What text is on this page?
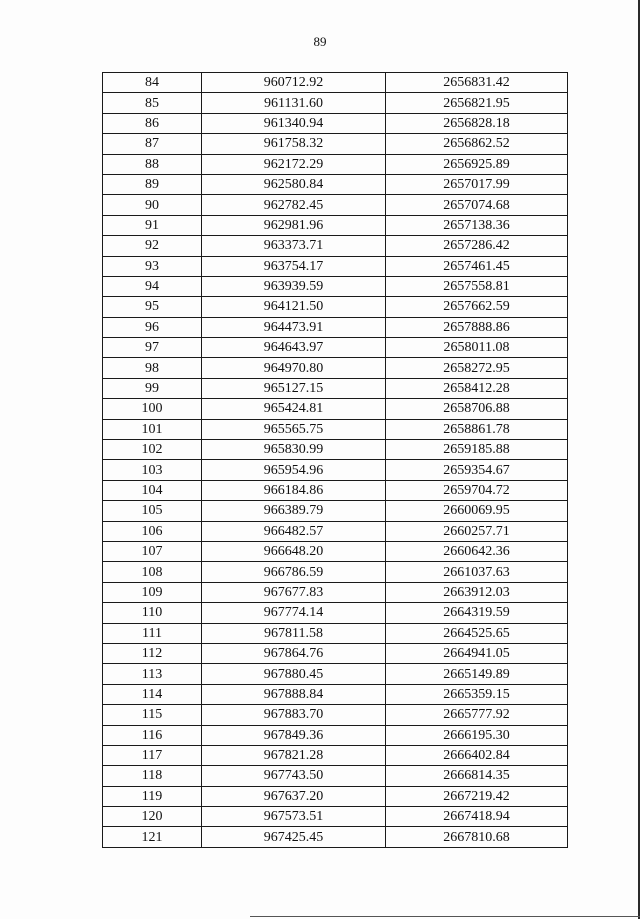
89
84	960712.92	2656831.42
85	961131.60	2656821.95
86	961340.94	2656828.18
87	961758.32	2656862.52
88	962172.29	2656925.89
89	962580.84	2657017.99
90	962782.45	2657074.68
91	962981.96	2657138.36
92	963373.71	2657286.42
93	963754.17	2657461.45
94	963939.59	2657558.81
95	964121.50	2657662.59
96	964473.91	2657888.86
97	964643.97	2658011.08
98	964970.80	2658272.95
99	965127.15	2658412.28
100	965424.81	2658706.88
101	965565.75	2658861.78
102	965830.99	2659185.88
103	965954.96	2659354.67
104	966184.86	2659704.72
105	966389.79	2660069.95
106	966482.57	2660257.71
107	966648.20	2660642.36
108	966786.59	2661037.63
109	967677.83	2663912.03
110	967774.14	2664319.59
111	967811.58	2664525.65
112	967864.76	2664941.05
113	967880.45	2665149.89
114	967888.84	2665359.15
115	967883.70	2665777.92
116	967849.36	2666195.30
117	967821.28	2666402.84
118	967743.50	2666814.35
119	967637.20	2667219.42
120	967573.51	2667418.94
121	967425.45	2667810.68
